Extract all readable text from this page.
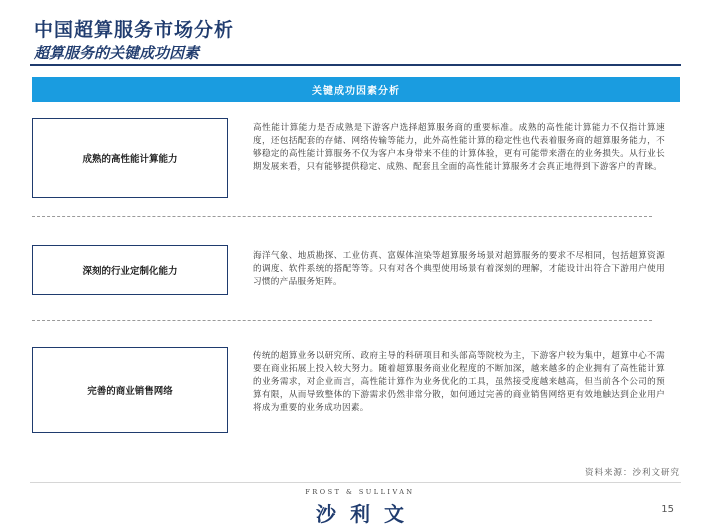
中国超算服务市场分析
超算服务的关键成功因素
关键成功因素分析
成熟的高性能计算能力
高性能计算能力是否成熟是下游客户选择超算服务商的重要标准。成熟的高性能计算能力不仅指计算速度，还包括配套的存储、网络传输等能力，此外高性能计算的稳定性也代表着服务商的超算服务能力，不够稳定的高性能计算服务不仅为客户本身带来不佳的计算体验，更有可能带来潜在的业务损失。从行业长期发展来看，只有能够提供稳定、成熟、配套且全面的高性能计算服务才会真正地得到下游客户的青睐。
深刻的行业定制化能力
海洋气象、地质勘探、工业仿真、富媒体渲染等超算服务场景对超算服务的要求不尽相同，包括超算资源的调度、软件系统的搭配等等。只有对各个典型使用场景有着深刻的理解，才能设计出符合下游用户使用习惯的产品服务矩阵。
完善的商业销售网络
传统的超算业务以研究所、政府主导的科研项目和头部高等院校为主，下游客户较为集中，超算中心不需要在商业拓展上投入较大努力。随着超算服务商业化程度的不断加深，越来越多的企业拥有了高性能计算的业务需求，对企业而言，高性能计算作为业务优化的工具，虽然接受度越来越高，但当前各个公司的预算有限，从而导致整体的下游需求仍然非常分散，如何通过完善的商业销售网络更有效地触达到企业用户将成为重要的业务成功因素。
资料来源：沙利文研究
FROST & SULLIVAN
沙利文	15
